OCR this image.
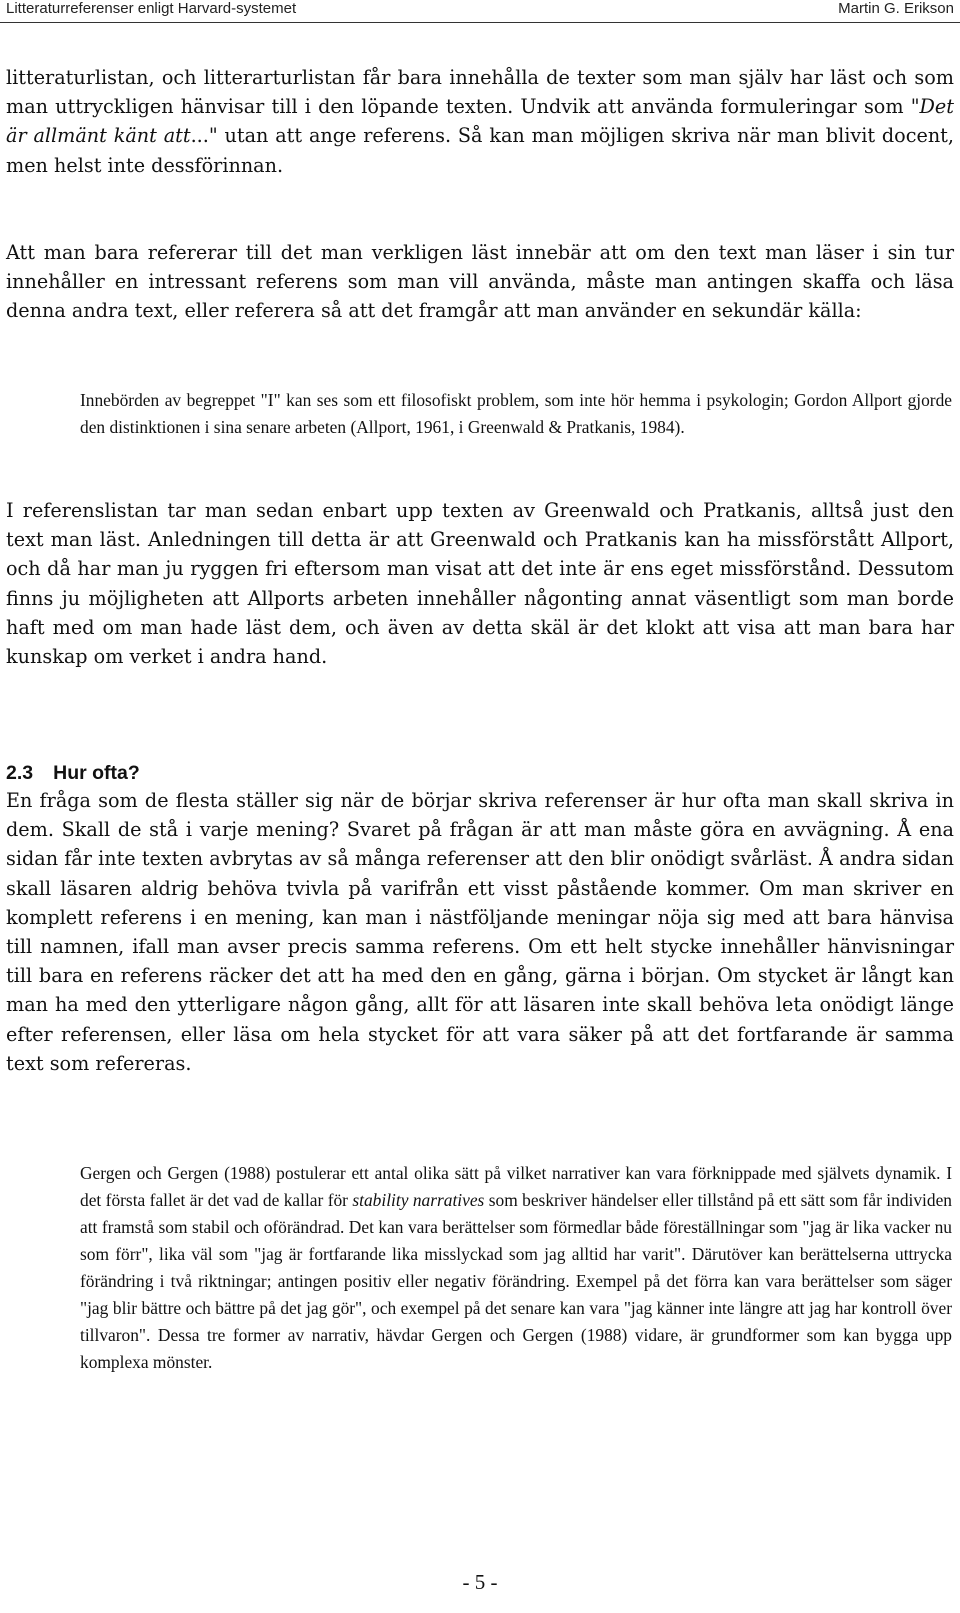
Litteraturreferenser enligt Harvard-systemet	Martin G. Erikson

litteraturlistan, och litterarturlistan får bara innehålla de texter som man själv har läst och som man uttryckligen hänvisar till i den löpande texten. Undvik att använda formuleringar som "Det är allmänt känt att..." utan att ange referens. Så kan man möjligen skriva när man blivit docent, men helst inte dessförinnan.

Att man bara refererar till det man verkligen läst innebär att om den text man läser i sin tur innehåller en intressant referens som man vill använda, måste man antingen skaffa och läsa denna andra text, eller referera så att det framgår att man använder en sekundär källa:

Innebörden av begreppet "I" kan ses som ett filosofiskt problem, som inte hör hemma i psykologin; Gordon Allport gjorde den distinktionen i sina senare arbeten (Allport, 1961, i Greenwald & Pratkanis, 1984).

I referenslistan tar man sedan enbart upp texten av Greenwald och Pratkanis, alltså just den text man läst. Anledningen till detta är att Greenwald och Pratkanis kan ha missförstått Allport, och då har man ju ryggen fri eftersom man visat att det inte är ens eget missförstånd. Dessutom finns ju möjligheten att Allports arbeten innehåller någonting annat väsentligt som man borde haft med om man hade läst dem, och även av detta skäl är det klokt att visa att man bara har kunskap om verket i andra hand.

2.3 Hur ofta?

En fråga som de flesta ställer sig när de börjar skriva referenser är hur ofta man skall skriva in dem. Skall de stå i varje mening? Svaret på frågan är att man måste göra en avvägning. Å ena sidan får inte texten avbrytas av så många referenser att den blir onödigt svårläst. Å andra sidan skall läsaren aldrig behöva tvivla på varifrån ett visst påstående kommer. Om man skriver en komplett referens i en mening, kan man i nästföljande meningar nöja sig med att bara hänvisa till namnen, ifall man avser precis samma referens. Om ett helt stycke innehåller hänvisningar till bara en referens räcker det att ha med den en gång, gärna i början. Om stycket är långt kan man ha med den ytterligare någon gång, allt för att läsaren inte skall behöva leta onödigt länge efter referensen, eller läsa om hela stycket för att vara säker på att det fortfarande är samma text som refereras.

Gergen och Gergen (1988) postulerar ett antal olika sätt på vilket narrativer kan vara förknippade med självets dynamik. I det första fallet är det vad de kallar för stability narratives som beskriver händelser eller tillstånd på ett sätt som får individen att framstå som stabil och oförändrad. Det kan vara berättelser som förmedlar både föreställningar som "jag är lika vacker nu som förr", lika väl som "jag är fortfarande lika misslyckad som jag alltid har varit". Därutöver kan berättelserna uttrycka förändring i två riktningar; antingen positiv eller negativ förändring. Exempel på det förra kan vara berättelser som säger "jag blir bättre och bättre på det jag gör", och exempel på det senare kan vara "jag känner inte längre att jag har kontroll över tillvaron". Dessa tre former av narrativ, hävdar Gergen och Gergen (1988) vidare, är grundformer som kan bygga upp komplexa mönster.

- 5 -
